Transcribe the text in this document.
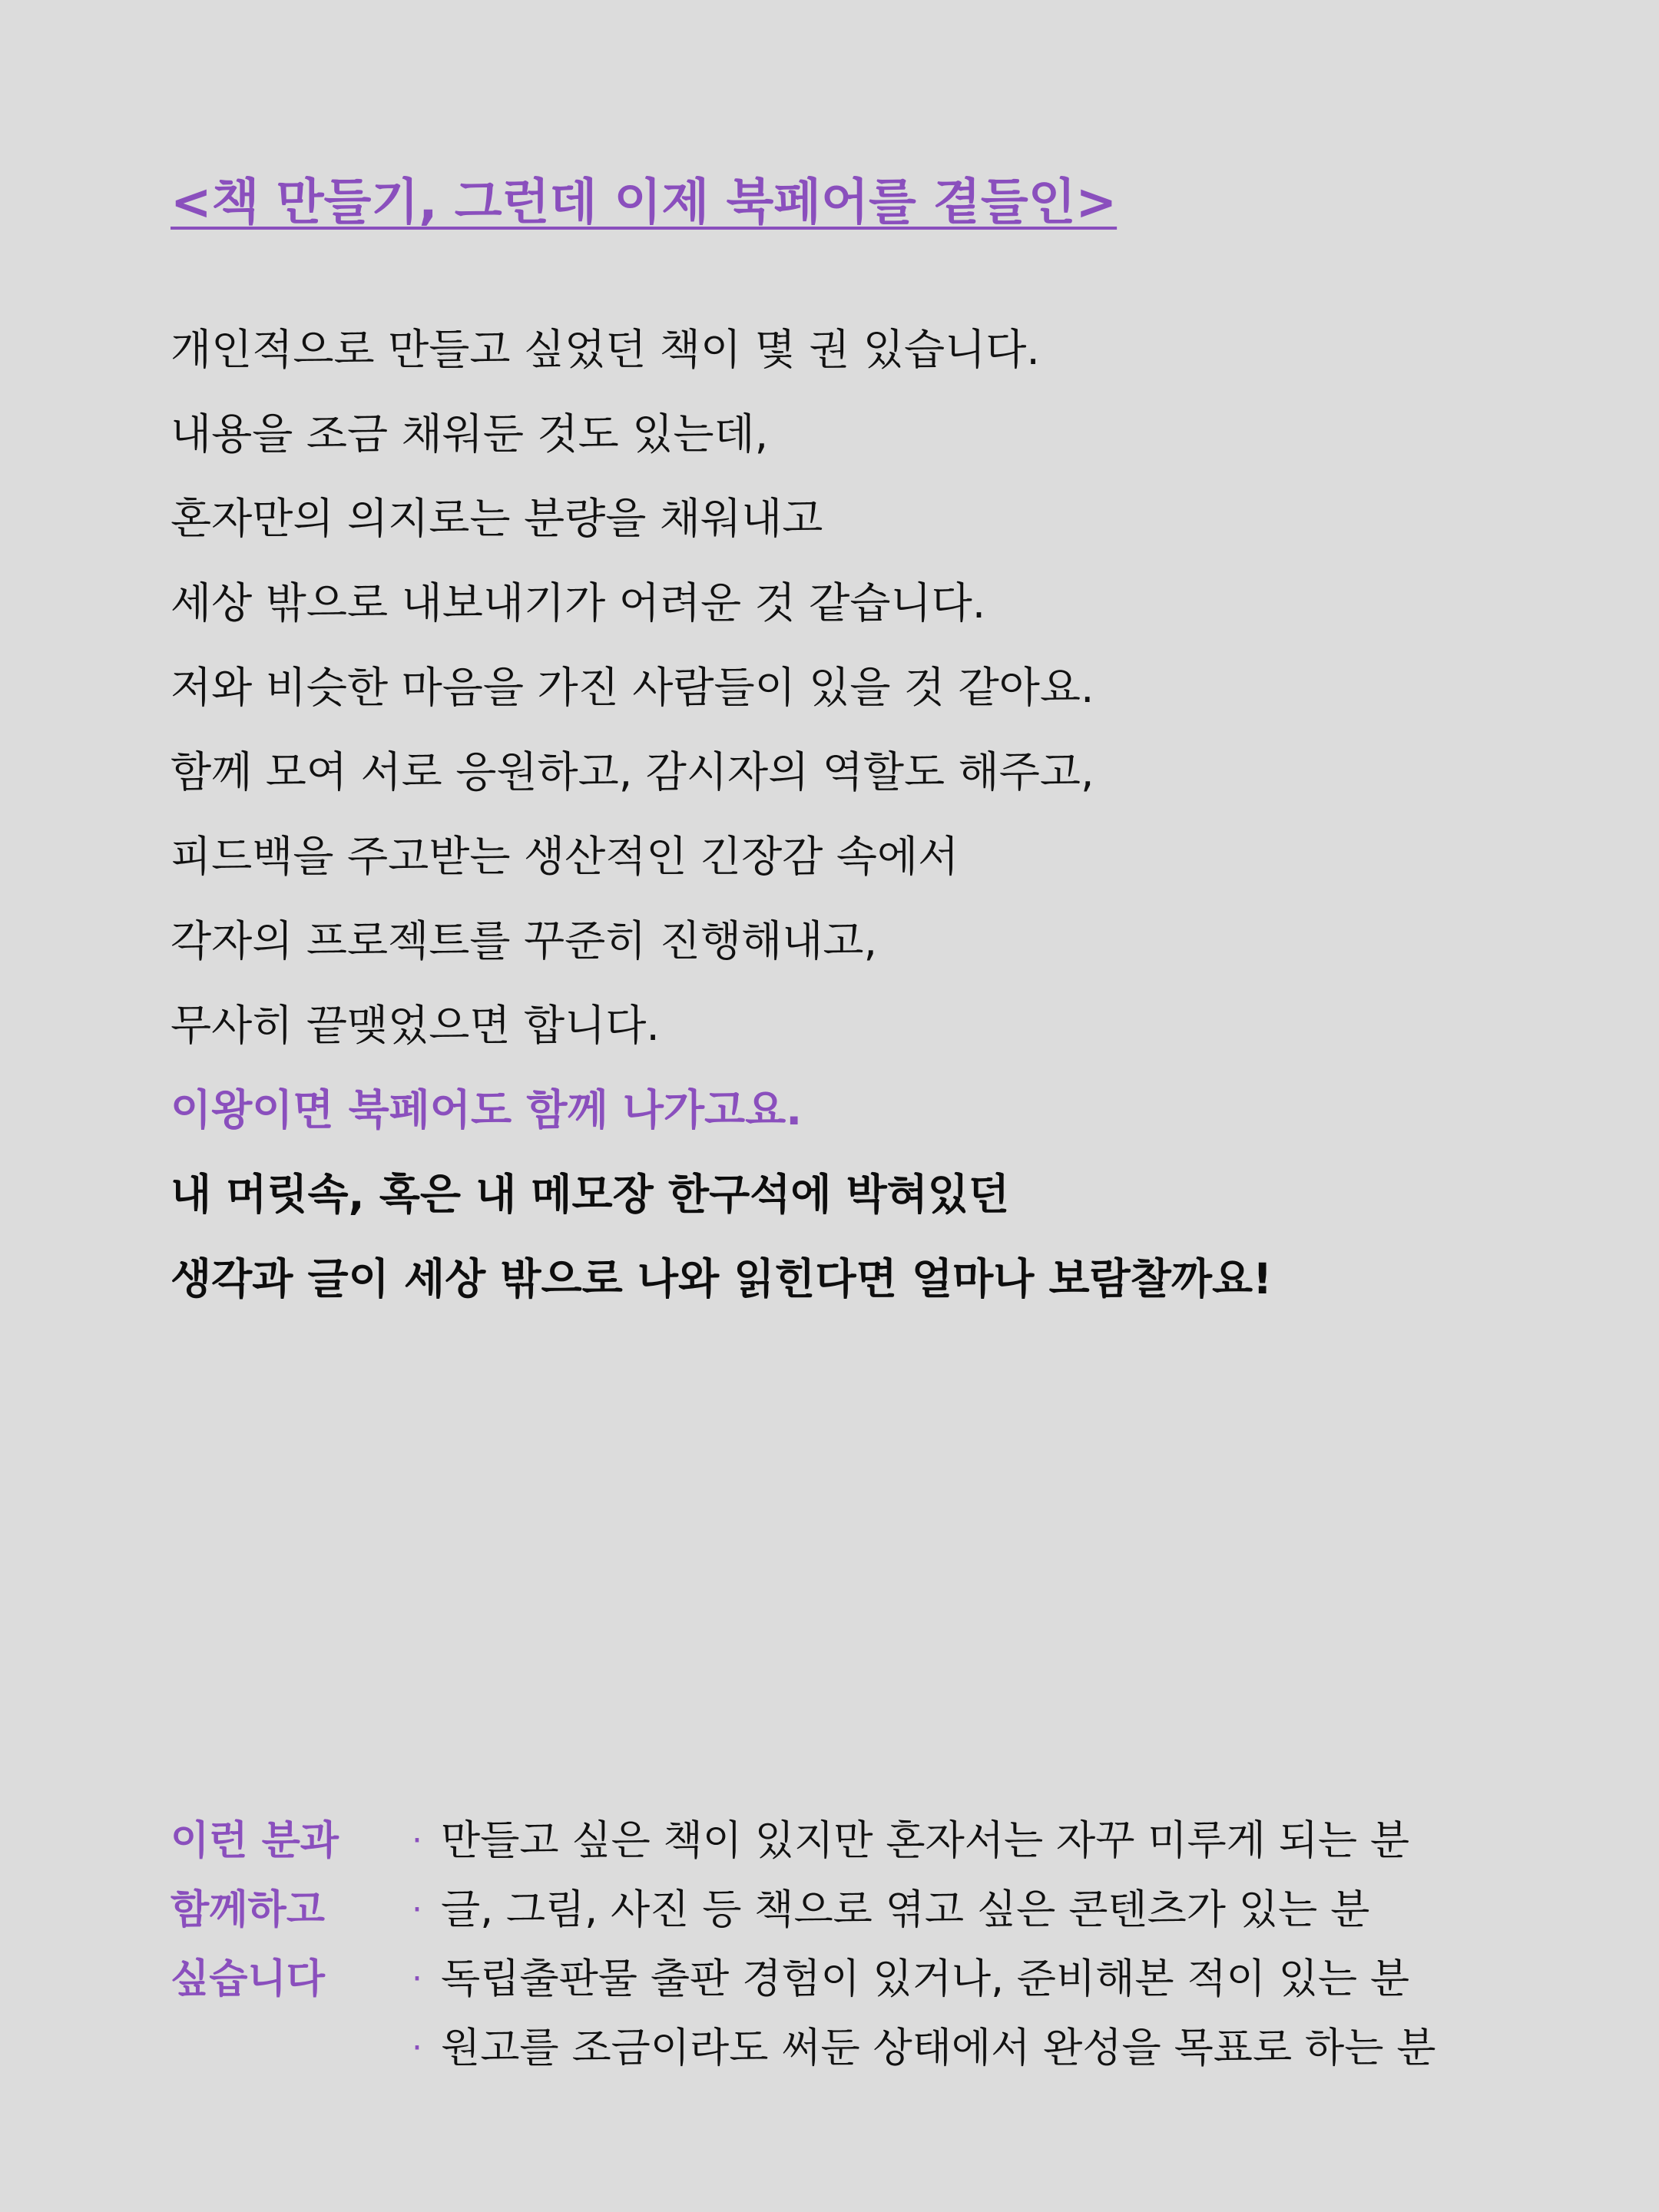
<책 만들기, 그런데 이제 북페어를 곁들인>
개인적으로 만들고 싶었던 책이 몇 권 있습니다.
내용을 조금 채워둔 것도 있는데,
혼자만의 의지로는 분량을 채워내고
세상 밖으로 내보내기가 어려운 것 같습니다.
저와 비슷한 마음을 가진 사람들이 있을 것 같아요.
함께 모여 서로 응원하고, 감시자의 역할도 해주고,
피드백을 주고받는 생산적인 긴장감 속에서
각자의 프로젝트를 꾸준히 진행해내고,
무사히 끝맺었으면 합니다.
이왕이면 북페어도 함께 나가고요.
내 머릿속, 혹은 내 메모장 한구석에 박혀있던
생각과 글이 세상 밖으로 나와 읽힌다면 얼마나 보람찰까요!
이런 분과
함께하고
싶습니다
· 만들고 싶은 책이 있지만 혼자서는 자꾸 미루게 되는 분
· 글, 그림, 사진 등 책으로 엮고 싶은 콘텐츠가 있는 분
· 독립출판물 출판 경험이 있거나, 준비해본 적이 있는 분
· 원고를 조금이라도 써둔 상태에서 완성을 목표로 하는 분
